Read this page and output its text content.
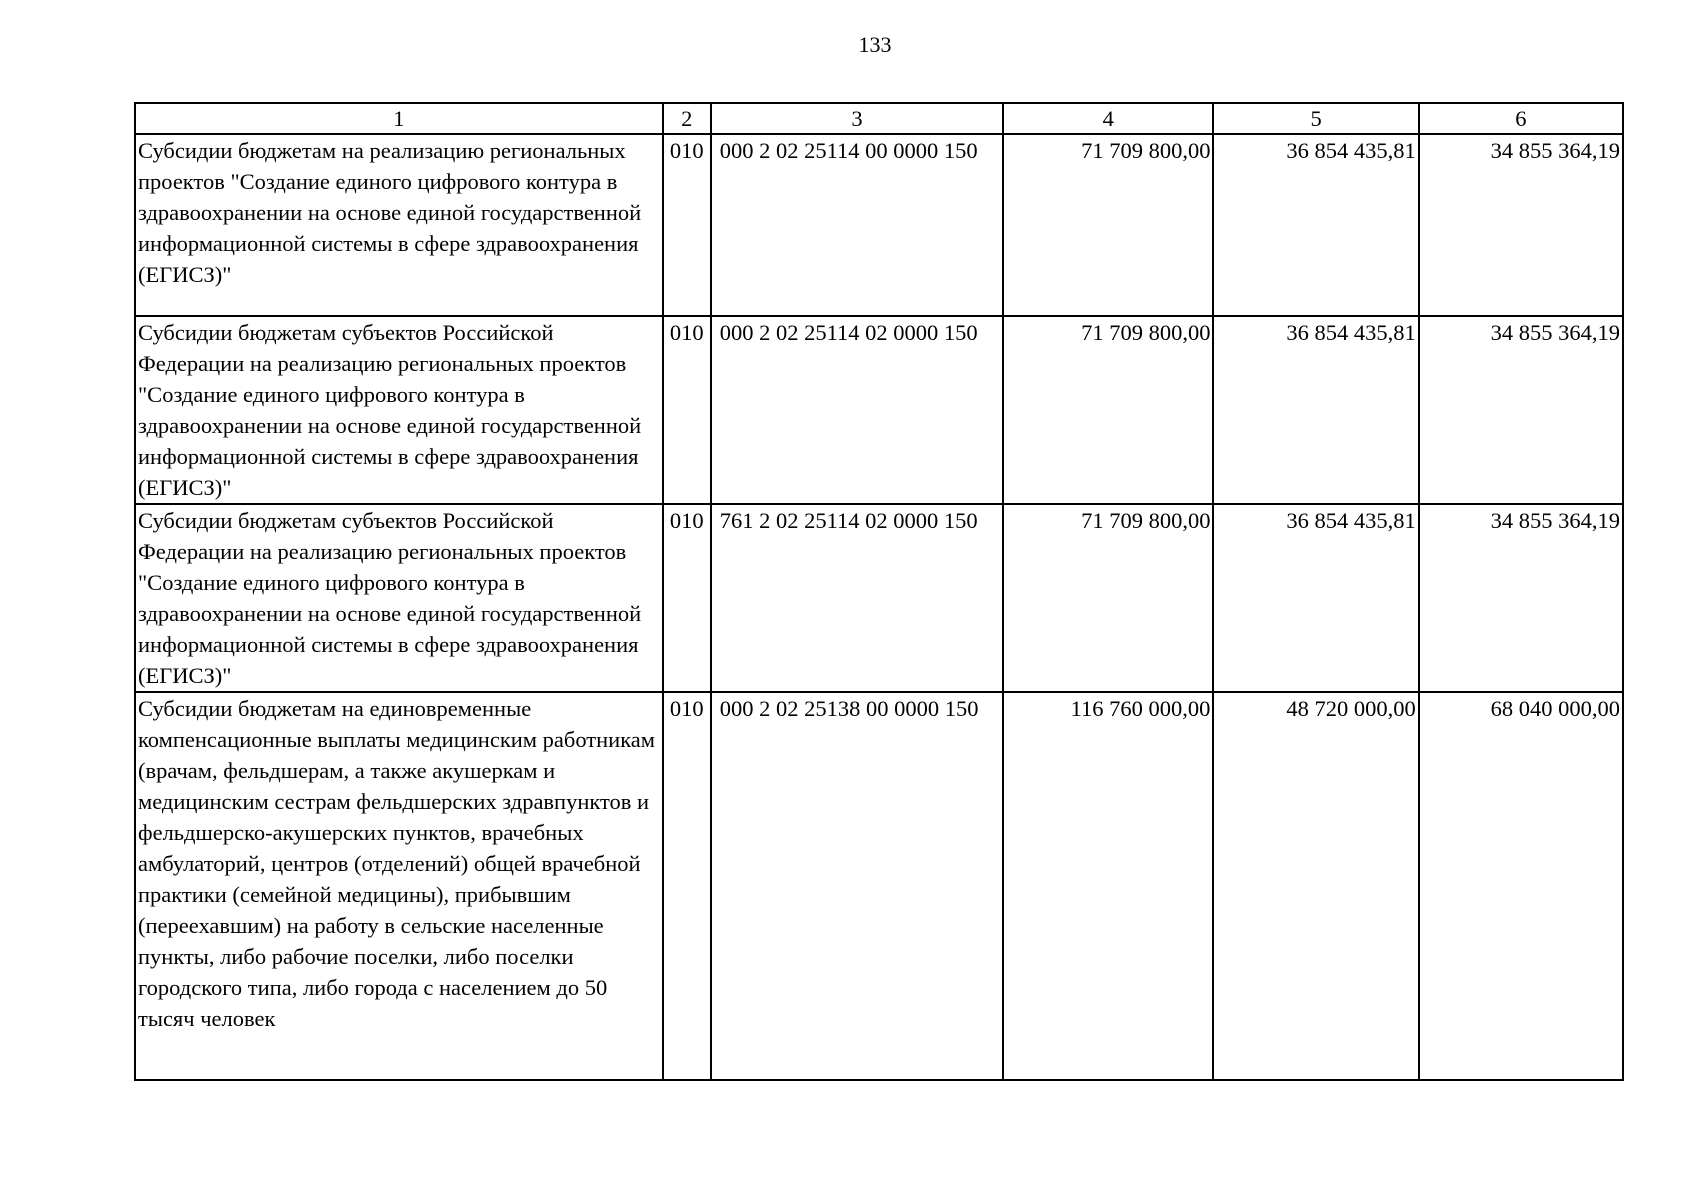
133
1	2	3	4	5	6
Субсидии бюджетам на реализацию региональных проектов "Создание единого цифрового контура в здравоохранении на основе единой государственной информационной системы в сфере здравоохранения (ЕГИСЗ)"	010	000 2 02 25114 00 0000 150	71 709 800,00	36 854 435,81	34 855 364,19
Субсидии бюджетам субъектов Российской Федерации на реализацию региональных проектов "Создание единого цифрового контура в здравоохранении на основе единой государственной информационной системы в сфере здравоохранения (ЕГИСЗ)"	010	000 2 02 25114 02 0000 150	71 709 800,00	36 854 435,81	34 855 364,19
Субсидии бюджетам субъектов Российской Федерации на реализацию региональных проектов "Создание единого цифрового контура в здравоохранении на основе единой государственной информационной системы в сфере здравоохранения (ЕГИСЗ)"	010	761 2 02 25114 02 0000 150	71 709 800,00	36 854 435,81	34 855 364,19
Субсидии бюджетам на единовременные компенсационные выплаты медицинским работникам (врачам, фельдшерам, а также акушеркам и медицинским сестрам фельдшерских здравпунктов и фельдшерско-акушерских пунктов, врачебных амбулаторий, центров (отделений) общей врачебной практики (семейной медицины), прибывшим (переехавшим) на работу в сельские населенные пункты, либо рабочие поселки, либо поселки городского типа, либо города с населением до 50 тысяч человек	010	000 2 02 25138 00 0000 150	116 760 000,00	48 720 000,00	68 040 000,00
